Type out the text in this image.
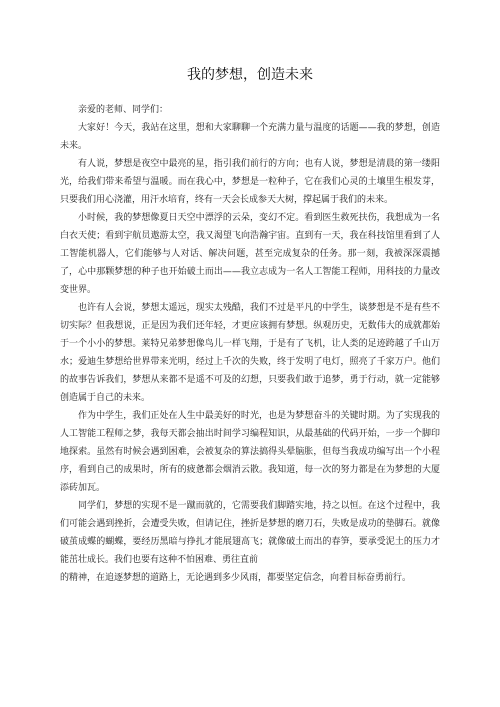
我的梦想，创造未来

亲爱的老师、同学们：

大家好！今天，我站在这里，想和大家聊聊一个充满力量与温度的话题——我的梦想，创造未来。

有人说，梦想是夜空中最亮的星，指引我们前行的方向；也有人说，梦想是清晨的第一缕阳光，给我们带来希望与温暖。而在我心中，梦想是一粒种子，它在我们心灵的土壤里生根发芽，只要我们用心浇灌，用汗水培育，终有一天会长成参天大树，撑起属于我们的未来。

小时候，我的梦想像夏日天空中漂浮的云朵，变幻不定。看到医生救死扶伤，我想成为一名白衣天使；看到宇航员遨游太空，我又渴望飞向浩瀚宇宙。直到有一天，我在科技馆里看到了人工智能机器人，它们能够与人对话、解决问题，甚至完成复杂的任务。那一刻，我被深深震撼了，心中那颗梦想的种子也开始破土而出——我立志成为一名人工智能工程师，用科技的力量改变世界。

也许有人会说，梦想太遥远，现实太残酷，我们不过是平凡的中学生，谈梦想是不是有些不切实际？但我想说，正是因为我们还年轻，才更应该拥有梦想。纵观历史，无数伟大的成就都始于一个小小的梦想。莱特兄弟梦想像鸟儿一样飞翔，于是有了飞机，让人类的足迹跨越了千山万水；爱迪生梦想给世界带来光明，经过上千次的失败，终于发明了电灯，照亮了千家万户。他们的故事告诉我们，梦想从来都不是遥不可及的幻想，只要我们敢于追梦，勇于行动，就一定能够创造属于自己的未来。

作为中学生，我们正处在人生中最美好的时光，也是为梦想奋斗的关键时期。为了实现我的人工智能工程师之梦，我每天都会抽出时间学习编程知识，从最基础的代码开始，一步一个脚印地探索。虽然有时候会遇到困难，会被复杂的算法搞得头晕脑胀，但每当我成功编写出一个小程序，看到自己的成果时，所有的疲惫都会烟消云散。我知道，每一次的努力都是在为梦想的大厦添砖加瓦。

同学们，梦想的实现不是一蹴而就的，它需要我们脚踏实地，持之以恒。在这个过程中，我们可能会遇到挫折，会遭受失败，但请记住，挫折是梦想的磨刀石，失败是成功的垫脚石。就像破茧成蝶的蝴蝶，要经历黑暗与挣扎才能展翅高飞；就像破土而出的春笋，要承受泥土的压力才能茁壮成长。我们也要有这种不怕困难、勇往直前

的精神，在追逐梦想的道路上，无论遇到多少风雨，都要坚定信念，向着目标奋勇前行。
